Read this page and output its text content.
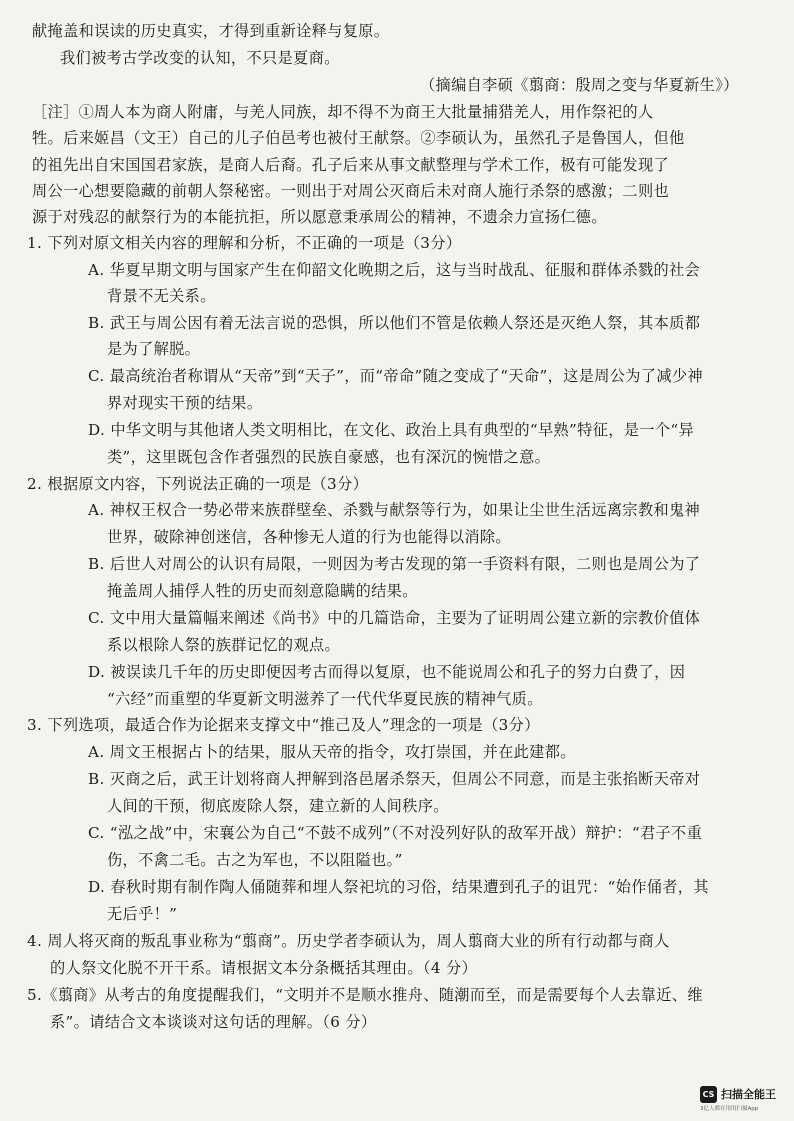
献掩盖和误读的历史真实，才得到重新诠释与复原。
我们被考古学改变的认知，不只是夏商。
（摘编自李硕《翦商：殷周之变与华夏新生》）
［注］①周人本为商人附庸，与羌人同族，却不得不为商王大批量捕猎羌人，用作祭祀的人
牲。后来姬昌（文王）自己的儿子伯邑考也被付王献祭。②李硕认为，虽然孔子是鲁国人，但他
的祖先出自宋国国君家族，是商人后裔。孔子后来从事文献整理与学术工作，极有可能发现了
周公一心想要隐藏的前朝人祭秘密。一则出于对周公灭商后未对商人施行杀祭的感激；二则也
源于对残忍的献祭行为的本能抗拒，所以愿意秉承周公的精神，不遗余力宣扬仁德。
1. 下列对原文相关内容的理解和分析，不正确的一项是（3分）
A. 华夏早期文明与国家产生在仰韶文化晚期之后，这与当时战乱、征服和群体杀戮的社会
背景不无关系。
B. 武王与周公因有着无法言说的恐惧，所以他们不管是依赖人祭还是灭绝人祭，其本质都
是为了解脱。
C. 最高统治者称谓从“天帝”到“天子”，而“帝命”随之变成了“天命”，这是周公为了减少神
界对现实干预的结果。
D. 中华文明与其他诸人类文明相比，在文化、政治上具有典型的“早熟”特征，是一个“异
类”，这里既包含作者强烈的民族自豪感，也有深沉的惋惜之意。
2. 根据原文内容，下列说法正确的一项是（3分）
A. 神权王权合一势必带来族群壁垒、杀戮与献祭等行为，如果让尘世生活远离宗教和鬼神
世界，破除神创迷信，各种惨无人道的行为也能得以消除。
B. 后世人对周公的认识有局限，一则因为考古发现的第一手资料有限，二则也是周公为了
掩盖周人捕俘人牲的历史而刻意隐瞒的结果。
C. 文中用大量篇幅来阐述《尚书》中的几篇诰命，主要为了证明周公建立新的宗教价值体
系以根除人祭的族群记忆的观点。
D. 被误读几千年的历史即便因考古而得以复原，也不能说周公和孔子的努力白费了，因
“六经”而重塑的华夏新文明滋养了一代代华夏民族的精神气质。
3. 下列选项，最适合作为论据来支撑文中“推己及人”理念的一项是（3分）
A. 周文王根据占卜的结果，服从天帝的指令，攻打崇国，并在此建都。
B. 灭商之后，武王计划将商人押解到洛邑屠杀祭天，但周公不同意，而是主张掐断天帝对
人间的干预，彻底废除人祭，建立新的人间秩序。
C. “泓之战”中，宋襄公为自己“不鼓不成列”（不对没列好队的敌军开战）辩护：“君子不重
伤，不禽二毛。古之为军也，不以阻隘也。”
D. 春秋时期有制作陶人俑随葬和埋人祭祀坑的习俗，结果遭到孔子的诅咒：“始作俑者，其
无后乎！”
4. 周人将灭商的叛乱事业称为“翦商”。历史学者李硕认为，周人翦商大业的所有行动都与商人
的人祭文化脱不开干系。请根据文本分条概括其理由。（4 分）
5.《翦商》从考古的角度提醒我们，“文明并不是顺水推舟、随潮而至，而是需要每个人去靠近、维
系”。请结合文本谈谈对这句话的理解。（6 分）
CS 扫描全能王
3亿人都在用的扫描App
